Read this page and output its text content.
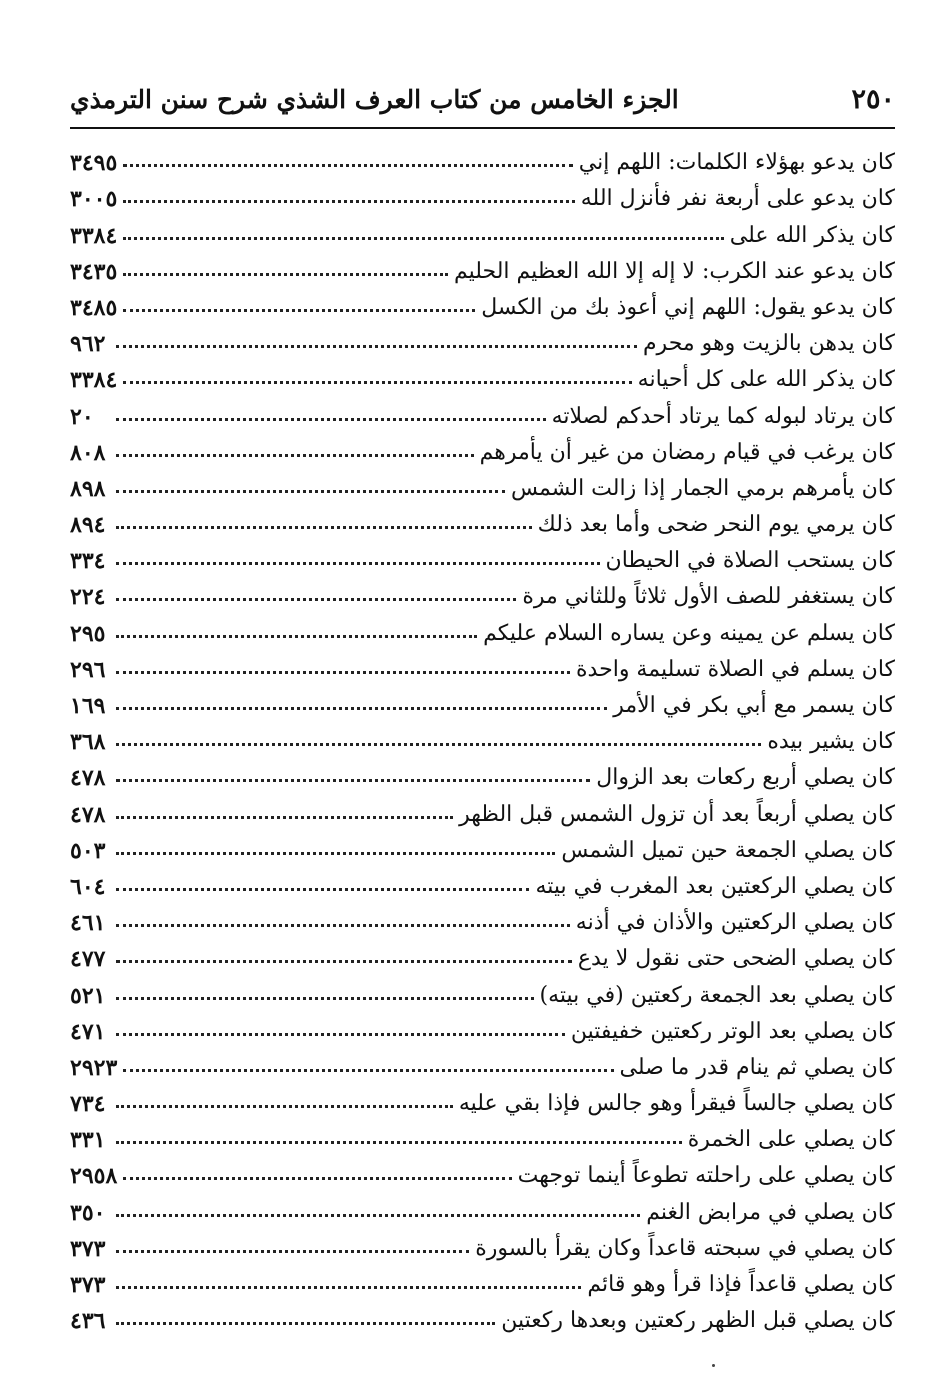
٢٥٠
الجزء الخامس من كتاب العرف الشذي شرح سنن الترمذي
كان يدعو بهؤلاء الكلمات: اللهم إني
٣٤٩٥
كان يدعو على أربعة نفر فأنزل الله
٣٠٠٥
كان يذكر الله على
٣٣٨٤
كان يدعو عند الكرب: لا إله إلا الله العظيم الحليم
٣٤٣٥
كان يدعو يقول: اللهم إني أعوذ بك من الكسل
٣٤٨٥
كان يدهن بالزيت وهو محرم
٩٦٢
كان يذكر الله على كل أحيانه
٣٣٨٤
كان يرتاد لبوله كما يرتاد أحدكم لصلاته
٢٠
كان يرغب في قيام رمضان من غير أن يأمرهم
٨٠٨
كان يأمرهم برمي الجمار إذا زالت الشمس
٨٩٨
كان يرمي يوم النحر ضحى وأما بعد ذلك
٨٩٤
كان يستحب الصلاة في الحيطان
٣٣٤
كان يستغفر للصف الأول ثلاثاً وللثاني مرة
٢٢٤
كان يسلم عن يمينه وعن يساره السلام عليكم
٢٩٥
كان يسلم في الصلاة تسليمة واحدة
٢٩٦
كان يسمر مع أبي بكر في الأمر
١٦٩
كان يشير بيده
٣٦٨
كان يصلي أربع ركعات بعد الزوال
٤٧٨
كان يصلي أربعاً بعد أن تزول الشمس قبل الظهر
٤٧٨
كان يصلي الجمعة حين تميل الشمس
٥٠٣
كان يصلي الركعتين بعد المغرب في بيته
٦٠٤
كان يصلي الركعتين والأذان في أذنه
٤٦١
كان يصلي الضحى حتى نقول لا يدع
٤٧٧
كان يصلي بعد الجمعة ركعتين (في بيته)
٥٢١
كان يصلي بعد الوتر ركعتين خفيفتين
٤٧١
كان يصلي ثم ينام قدر ما صلى
٢٩٢٣
كان يصلي جالساً فيقرأ وهو جالس فإذا بقي عليه
٧٣٤
كان يصلي على الخمرة
٣٣١
كان يصلي على راحلته تطوعاً أينما توجهت
٢٩٥٨
كان يصلي في مرابض الغنم
٣٥٠
كان يصلي في سبحته قاعداً وكان يقرأ بالسورة
٣٧٣
كان يصلي قاعداً فإذا قرأ وهو قائم
٣٧٣
كان يصلي قبل الظهر ركعتين وبعدها ركعتين
٤٣٦
